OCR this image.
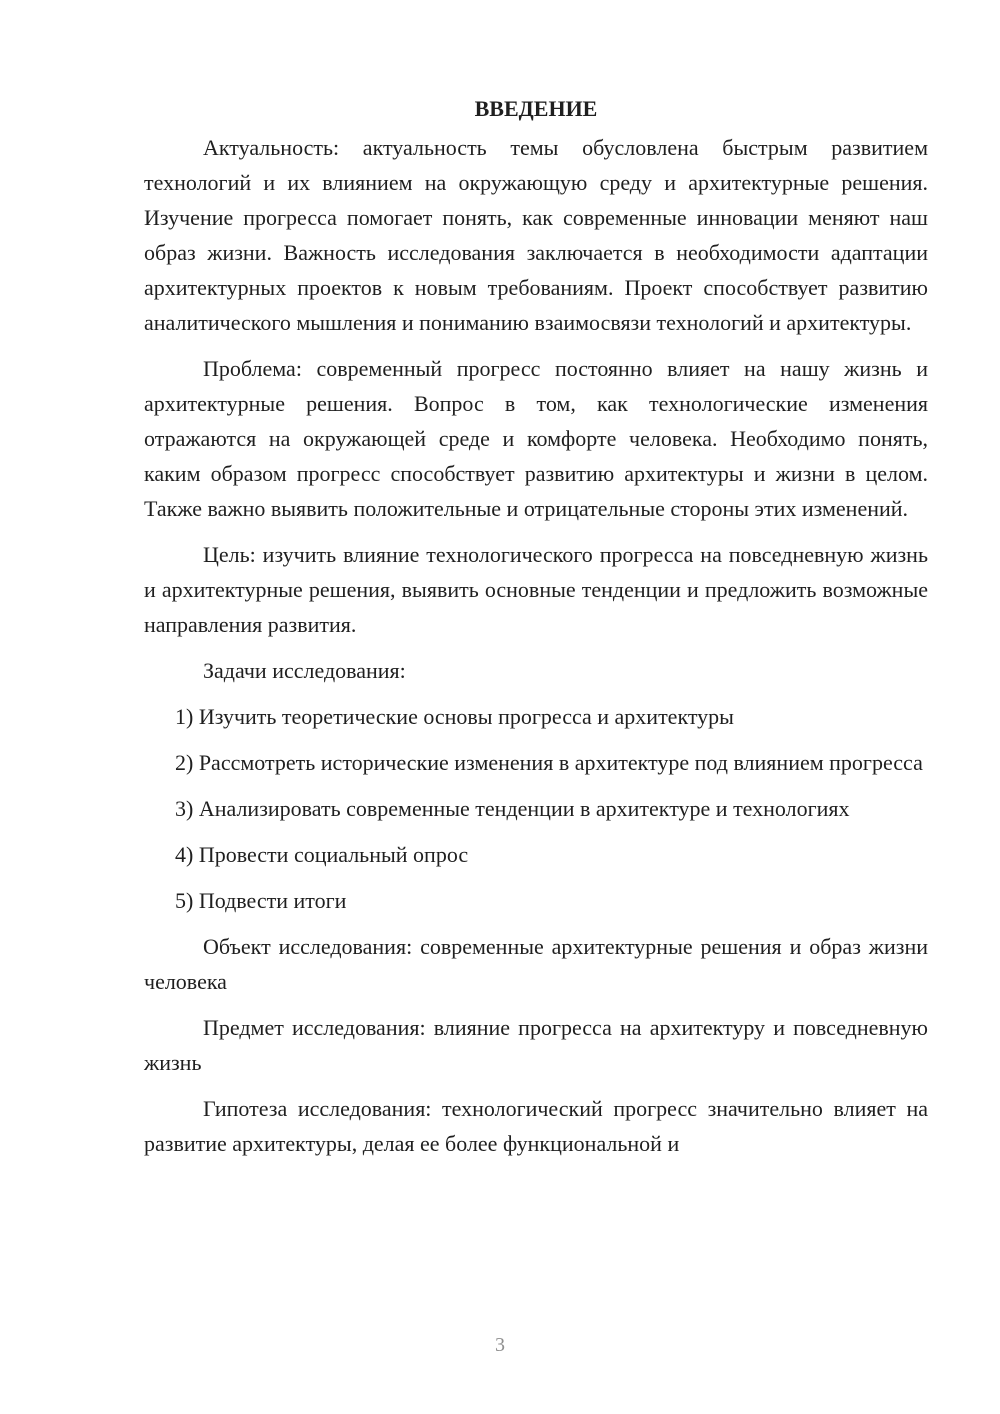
ВВЕДЕНИЕ

Актуальность: актуальность темы обусловлена быстрым развитием технологий и их влиянием на окружающую среду и архитектурные решения. Изучение прогресса помогает понять, как современные инновации меняют наш образ жизни. Важность исследования заключается в необходимости адаптации архитектурных проектов к новым требованиям. Проект способствует развитию аналитического мышления и пониманию взаимосвязи технологий и архитектуры.

Проблема: современный прогресс постоянно влияет на нашу жизнь и архитектурные решения. Вопрос в том, как технологические изменения отражаются на окружающей среде и комфорте человека. Необходимо понять, каким образом прогресс способствует развитию архитектуры и жизни в целом. Также важно выявить положительные и отрицательные стороны этих изменений.

Цель: изучить влияние технологического прогресса на повседневную жизнь и архитектурные решения, выявить основные тенденции и предложить возможные направления развития.

Задачи исследования:

1) Изучить теоретические основы прогресса и архитектуры

2) Рассмотреть исторические изменения в архитектуре под влиянием прогресса

3) Анализировать современные тенденции в архитектуре и технологиях

4) Провести социальный опрос

5) Подвести итоги

Объект исследования: современные архитектурные решения и образ жизни человека

Предмет исследования: влияние прогресса на архитектуру и повседневную жизнь

Гипотеза исследования: технологический прогресс значительно влияет на развитие архитектуры, делая ее более функциональной и

3
